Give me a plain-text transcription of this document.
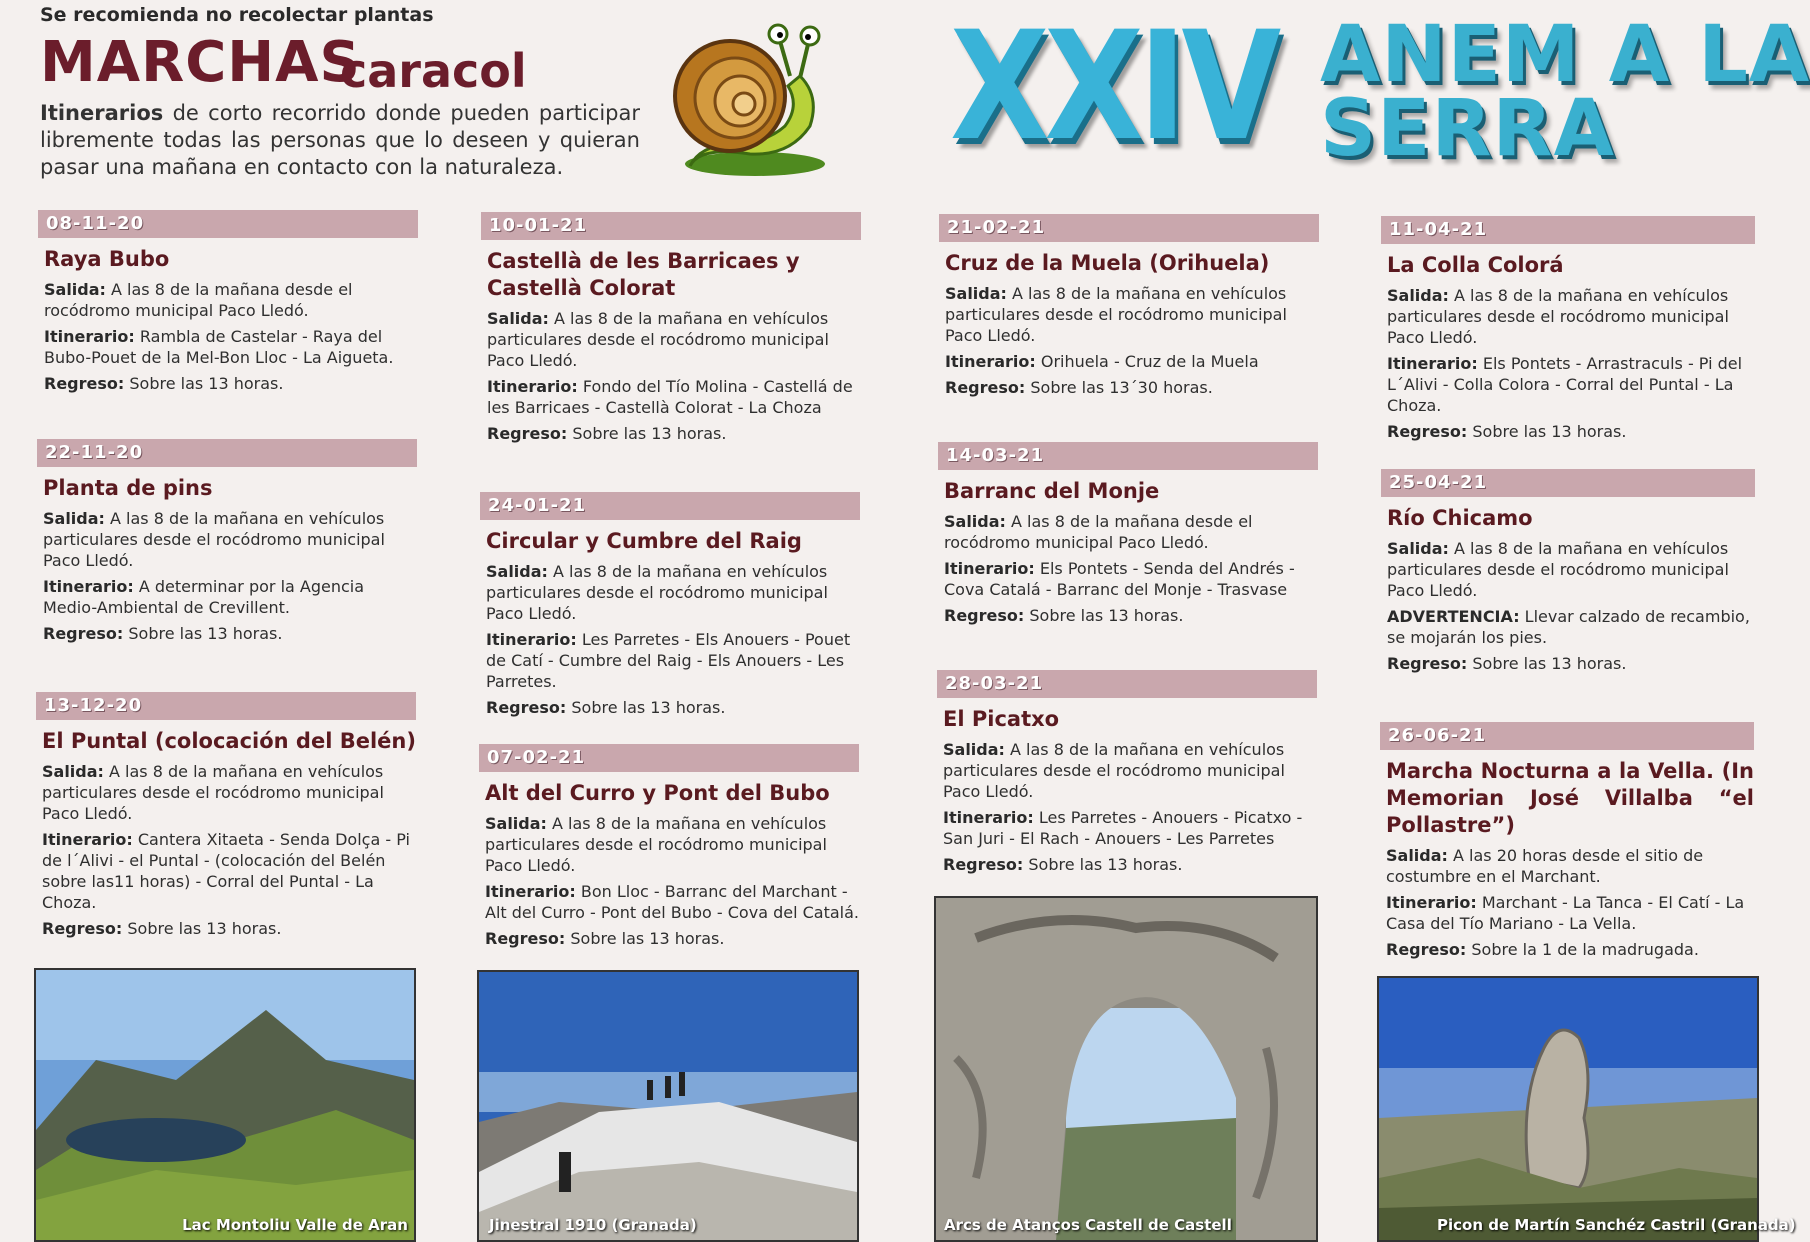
Se recomienda no recolectar plantas
MARCHAS
caracol
Itinerarios de corto recorrido donde pueden participar libremente todas las personas que lo deseen y quieran pasar una mañana en contacto con la naturaleza.	XXIV ANEM A LA
SERRA
08-11-20
Raya Bubo
Salida: A las 8 de la mañana desde el rocódromo municipal Paco Lledó.
Itinerario: Rambla de Castelar - Raya del Bubo-Pouet de la Mel-Bon Lloc - La Aigueta.
Regreso: Sobre las 13 horas.
22-11-20
Planta de pins
Salida: A las 8 de la mañana en vehículos particulares desde el rocódromo municipal Paco Lledó.
Itinerario: A determinar por la Agencia Medio-Ambiental de Crevillent.
Regreso: Sobre las 13 horas.
13-12-20
El Puntal (colocación del Belén)
Salida: A las 8 de la mañana en vehículos particulares desde el rocódromo municipal Paco Lledó.
Itinerario: Cantera Xitaeta - Senda Dolça - Pi de l´Alivi - el Puntal - (colocación del Belén sobre las11 horas) - Corral del Puntal - La Choza.
Regreso: Sobre las 13 horas.
10-01-21
Castellà de les Barricaes y Castellà Colorat
Salida: A las 8 de la mañana en vehículos particulares desde el rocódromo municipal Paco Lledó.
Itinerario: Fondo del Tío Molina - Castellá de les Barricaes - Castellà Colorat - La Choza
Regreso: Sobre las 13 horas.
24-01-21
Circular y Cumbre del Raig
Salida: A las 8 de la mañana en vehículos particulares desde el rocódromo municipal Paco Lledó.
Itinerario: Les Parretes - Els Anouers - Pouet de Catí - Cumbre del Raig - Els Anouers - Les Parretes.
Regreso: Sobre las 13 horas.
07-02-21
Alt del Curro y Pont del Bubo
Salida: A las 8 de la mañana en vehículos particulares desde el rocódromo municipal Paco Lledó.
Itinerario: Bon Lloc - Barranc del Marchant - Alt del Curro - Pont del Bubo - Cova del Catalá.
Regreso: Sobre las 13 horas.
21-02-21
Cruz de la Muela (Orihuela)
Salida: A las 8 de la mañana en vehículos particulares desde el rocódromo municipal Paco Lledó.
Itinerario: Orihuela - Cruz de la Muela
Regreso: Sobre las 13´30 horas.
14-03-21
Barranc del Monje
Salida: A las 8 de la mañana desde el rocódromo municipal Paco Lledó.
Itinerario: Els Pontets - Senda del Andrés - Cova Catalá - Barranc del Monje - Trasvase
Regreso: Sobre las 13 horas.
28-03-21
El Picatxo
Salida: A las 8 de la mañana en vehículos particulares desde el rocódromo municipal Paco Lledó.
Itinerario: Les Parretes - Anouers - Picatxo - San Juri - El Rach - Anouers - Les Parretes
Regreso: Sobre las 13 horas.
11-04-21
La Colla Colorá
Salida: A las 8 de la mañana en vehículos particulares desde el rocódromo municipal Paco Lledó.
Itinerario: Els Pontets - Arrastraculs - Pi del L´Alivi - Colla Colora - Corral del Puntal - La Choza.
Regreso: Sobre las 13 horas.
25-04-21
Río Chicamo
Salida: A las 8 de la mañana en vehículos particulares desde el rocódromo municipal Paco Lledó.
ADVERTENCIA: Llevar calzado de recambio, se mojarán los pies.
Regreso: Sobre las 13 horas.
26-06-21
Marcha Nocturna a la Vella. (In Memorian José Villalba “el Pollastre”)
Salida: A las 20 horas desde el sitio de costumbre en el Marchant.
Itinerario: Marchant - La Tanca - El Catí - La Casa del Tío Mariano - La Vella.
Regreso: Sobre la 1 de la madrugada.
Lac Montoliu Valle de Aran	Jinestral 1910 (Granada)	Arcs de Atanços Castell de Castell	Picon de Martín Sanchéz Castril (Granada)
